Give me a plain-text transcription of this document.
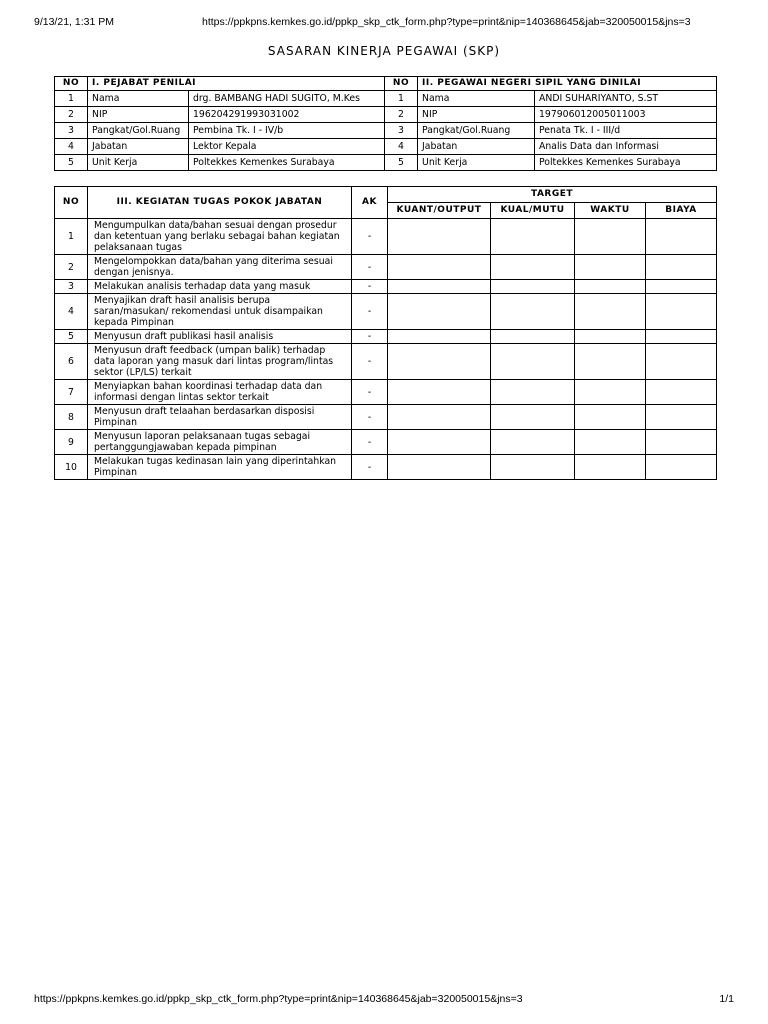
9/13/21, 1:31 PM	https://ppkpns.kemkes.go.id/ppkp_skp_ctk_form.php?type=print&nip=140368645&jab=320050015&jns=3
SASARAN KINERJA PEGAWAI (SKP)
NO	I. PEJABAT PENILAI		NO	II. PEGAWAI NEGERI SIPIL YANG DINILAI	
1	Nama	drg. BAMBANG HADI SUGITO, M.Kes	1	Nama	ANDI SUHARIYANTO, S.ST
2	NIP	196204291993031002	2	NIP	197906012005011003
3	Pangkat/Gol.Ruang	Pembina Tk. I - IV/b	3	Pangkat/Gol.Ruang	Penata Tk. I - III/d
4	Jabatan	Lektor Kepala	4	Jabatan	Analis Data dan Informasi
5	Unit Kerja	Poltekkes Kemenkes Surabaya	5	Unit Kerja	Poltekkes Kemenkes Surabaya
NO	III. KEGIATAN TUGAS POKOK JABATAN	AK	TARGET			
			KUANT/OUTPUT	KUAL/MUTU	WAKTU	BIAYA
1	Mengumpulkan data/bahan sesuai dengan prosedur dan ketentuan yang berlaku sebagai bahan kegiatan pelaksanaan tugas	-				
2	Mengelompokkan data/bahan yang diterima sesuai dengan jenisnya.	-				
3	Melakukan analisis terhadap data yang masuk	-				
4	Menyajikan draft hasil analisis berupa saran/masukan/ rekomendasi untuk disampaikan kepada Pimpinan	-				
5	Menyusun draft publikasi hasil analisis	-				
6	Menyusun draft feedback (umpan balik) terhadap data laporan yang masuk dari lintas program/lintas sektor (LP/LS) terkait	-				
7	Menyiapkan bahan koordinasi terhadap data dan informasi dengan lintas sektor terkait	-				
8	Menyusun draft telaahan berdasarkan disposisi Pimpinan	-				
9	Menyusun laporan pelaksanaan tugas sebagai pertanggungjawaban kepada pimpinan	-				
10	Melakukan tugas kedinasan lain yang diperintahkan Pimpinan	-				
https://ppkpns.kemkes.go.id/ppkp_skp_ctk_form.php?type=print&nip=140368645&jab=320050015&jns=3	1/1
